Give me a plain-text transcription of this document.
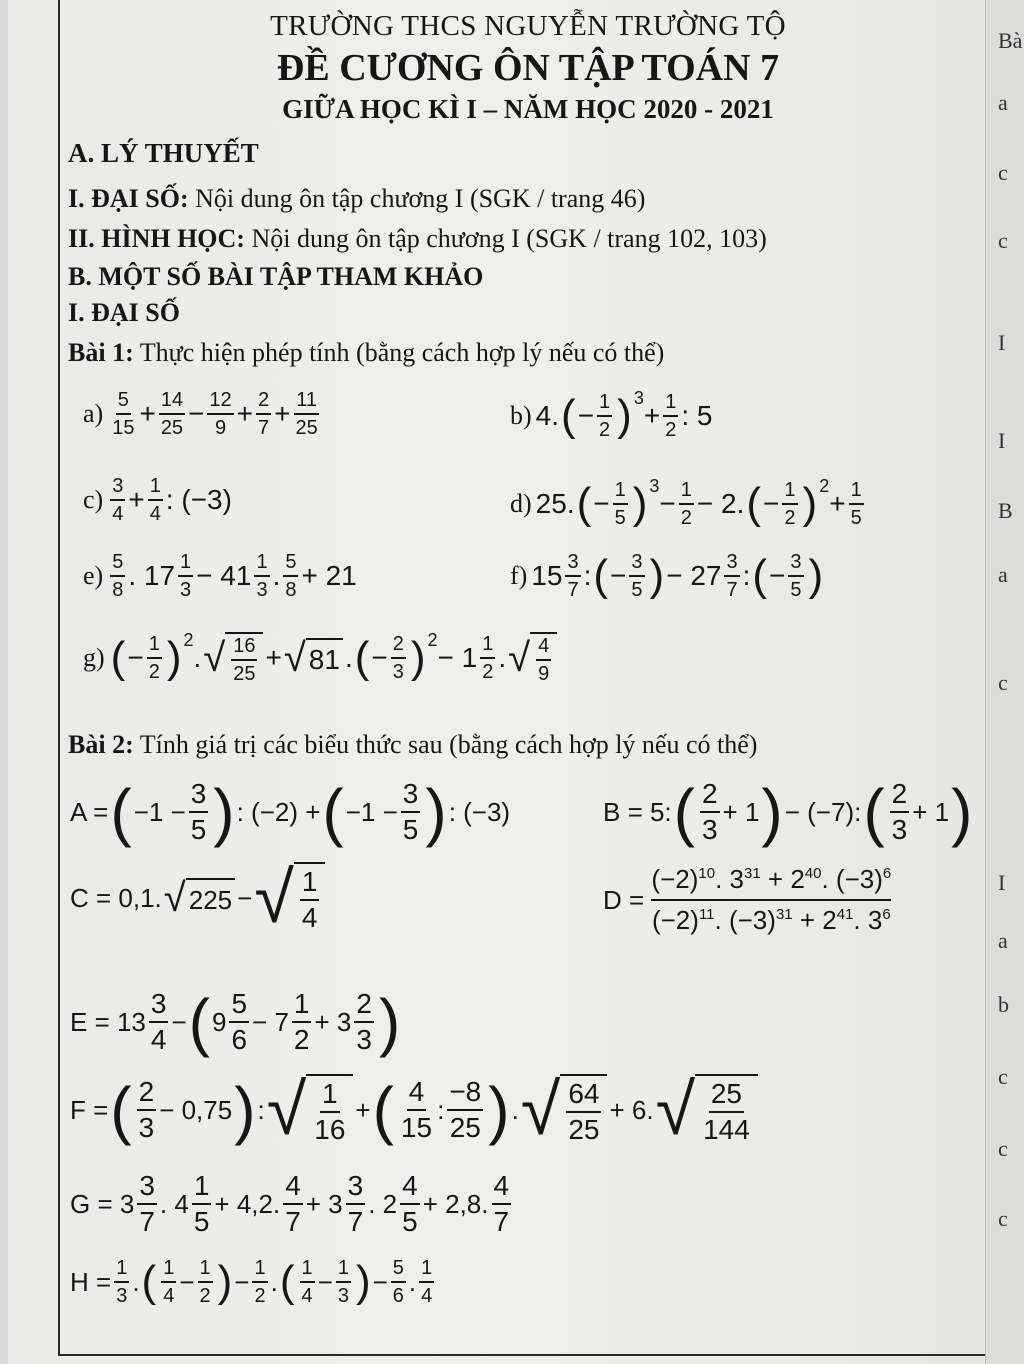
TRƯỜNG THCS NGUYỄN TRƯỜNG TỘ
ĐỀ CƯƠNG ÔN TẬP TOÁN 7
GIỮA HỌC KÌ I – NĂM HỌC 2020 - 2021
A. LÝ THUYẾT
I. ĐẠI SỐ: Nội dung ôn tập chương I (SGK / trang 46)
II. HÌNH HỌC: Nội dung ôn tập chương I (SGK / trang 102, 103)
B. MỘT SỐ BÀI TẬP THAM KHẢO
I. ĐẠI SỐ
Bài 1: Thực hiện phép tính (bằng cách hợp lý nếu có thể)
a) 5
15 + 14
25 − 12
9 + 2
7 + 11
25	b) 4. ( − 1
2 )$^3$
+ 1
2 : 5
c) 3
4 + 1
4 : (−3)	d) 25. ( − 1
5 )$^3$
− 1
2 − 2. ( − 1
2 )$^2$
+ 1
5
e) 5
8 . 17 1
3 − 41 1
3 . 5
8 + 21	f) 15 3
7 : ( − 3
5 ) − 27 3
7 : ( − 3
5 )
g) ( − 1
2 )$^2$
. √ 16
25
+ √ 81 . ( − 2
3 )$^2$
− 1 1
2 . √ 4
9
Bài 2: Tính giá trị các biểu thức sau (bằng cách hợp lý nếu có thể)
A = ( −1 −
3
5 ) : (−2) + ( −1 −
3
5 ) : (−3)	B = 5: ( 2
3
+ 1 ) − (−7): ( 2
3
+ 1 )
C = 0,1. √ 225 − √ 1
4
D =
$(-2)^{10}$. $3^{31} + 2^{40}$. $(-3)^6$
$(-2)^{11}$. $(-3)^{31} + 2^{41}$. $3^6$
E = 13
3
4
− ( 9
5
6
− 7
1
2
+ 3
2
3 )
F = ( 2
3
− 0,75 ) : √ 1
16
+ ( 4
15
:
−8
25 ) . √ 64
25
+ 6. √ 25
144
G = 3
3
7
. 4
1
5
+ 4,2.
4
7
+ 3
3
7
. 2
4
5
+ 2,8.
4
7
H = 1
3 . ( 1
4 − 1
2 ) − 1
2 . ( 1
4 − 1
3 ) − 5
6 . 1
4
Bà
a
c
c
I
I
B
a
c
I
a
b
c
c
c
